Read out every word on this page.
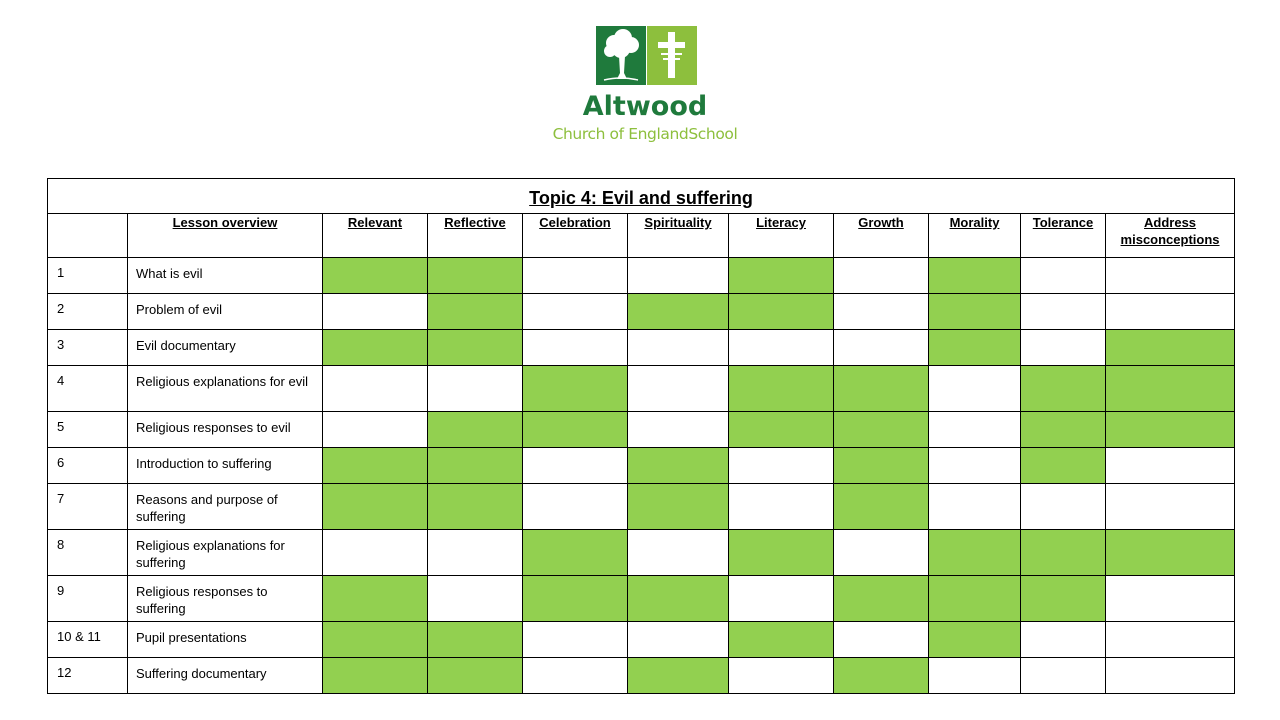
Altwood
Church of EnglandSchool
Topic 4: Evil and suffering										
	Lesson overview	Relevant	Reflective	Celebration	Spirituality	Literacy	Growth	Morality	Tolerance	Address misconceptions
1	What is evil									
2	Problem of evil									
3	Evil documentary									
4	Religious explanations for evil									
5	Religious responses to evil									
6	Introduction to suffering									
7	Reasons and purpose of suffering									
8	Religious explanations for suffering									
9	Religious responses to suffering									
10 & 11	Pupil presentations									
12	Suffering documentary									
